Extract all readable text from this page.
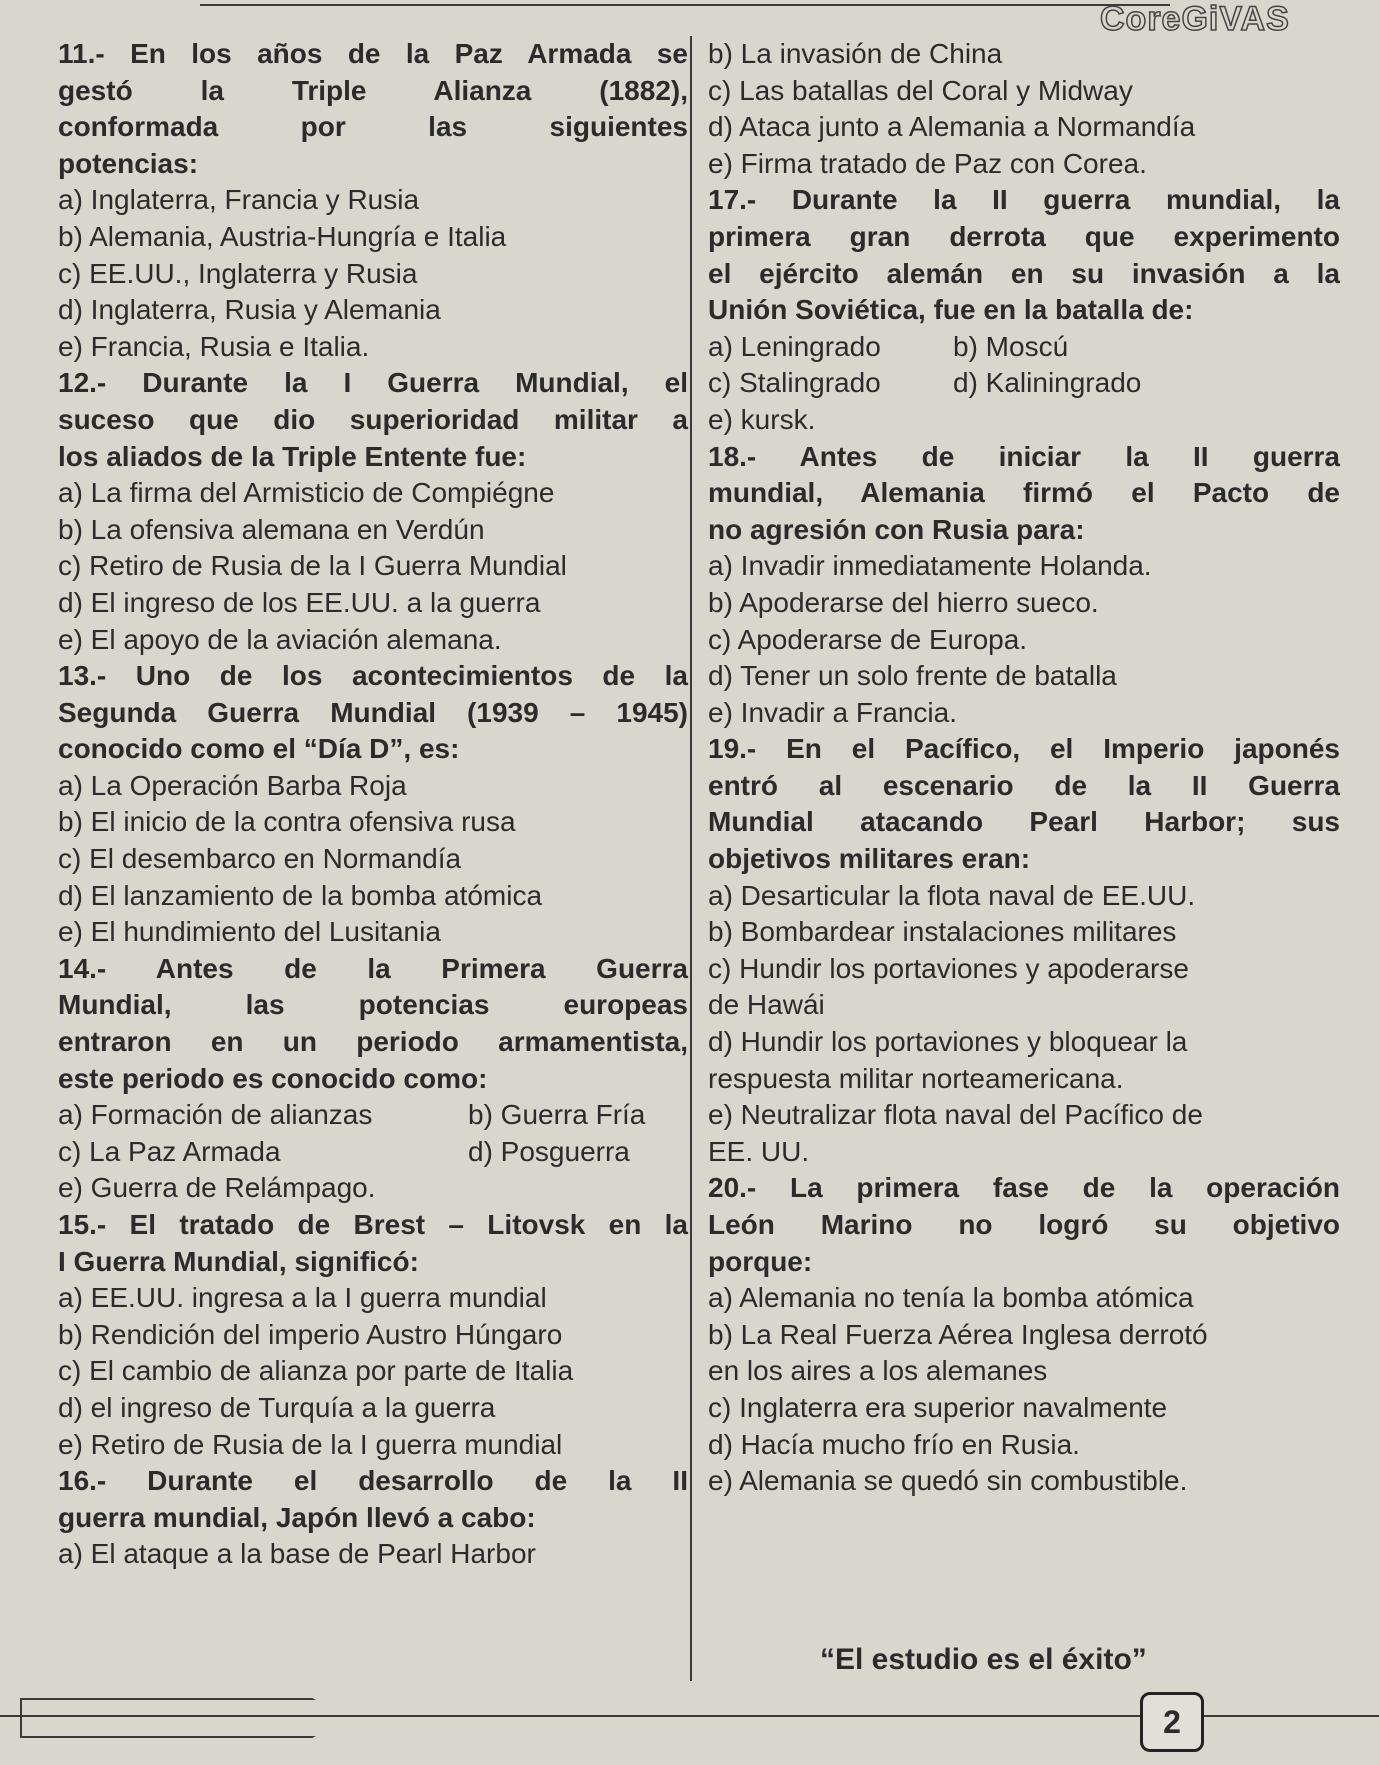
CoreGiVAS
11.- En los años de la Paz Armada se
gestó la Triple Alianza (1882),
conformada por las siguientes
potencias:
a) Inglaterra, Francia y Rusia
b) Alemania, Austria-Hungría e Italia
c) EE.UU., Inglaterra y Rusia
d) Inglaterra, Rusia y Alemania
e) Francia, Rusia e Italia.
12.- Durante la I Guerra Mundial, el
suceso que dio superioridad militar a
los aliados de la Triple Entente fue:
a) La firma del Armisticio de Compiégne
b) La ofensiva alemana en Verdún
c) Retiro de Rusia de la I Guerra Mundial
d) El ingreso de los EE.UU. a la guerra
e) El apoyo de la aviación alemana.
13.- Uno de los acontecimientos de la
Segunda Guerra Mundial (1939 – 1945)
conocido como el “Día D”, es:
a) La Operación Barba Roja
b) El inicio de la contra ofensiva rusa
c) El desembarco en Normandía
d) El lanzamiento de la bomba atómica
e) El hundimiento del Lusitania
14.- Antes de la Primera Guerra
Mundial, las potencias europeas
entraron en un periodo armamentista,
este periodo es conocido como:
a) Formación de alianzas	b) Guerra Fría
c) La Paz Armada	d) Posguerra
e) Guerra de Relámpago.
15.- El tratado de Brest – Litovsk en la
I Guerra Mundial, significó:
a) EE.UU. ingresa a la I guerra mundial
b) Rendición del imperio Austro Húngaro
c) El cambio de alianza por parte de Italia
d) el ingreso de Turquía a la guerra
e) Retiro de Rusia de la I guerra mundial
16.- Durante el desarrollo de la II
guerra mundial, Japón llevó a cabo:
a) El ataque a la base de Pearl Harbor
b) La invasión de China
c) Las batallas del Coral y Midway
d) Ataca junto a Alemania a Normandía
e) Firma tratado de Paz con Corea.
17.- Durante la II guerra mundial, la
primera gran derrota que experimento
el ejército alemán en su invasión a la
Unión Soviética, fue en la batalla de:
a) Leningrado	b) Moscú
c) Stalingrado	d) Kaliningrado
e) kursk.
18.- Antes de iniciar la II guerra
mundial, Alemania firmó el Pacto de
no agresión con Rusia para:
a) Invadir inmediatamente Holanda.
b) Apoderarse del hierro sueco.
c) Apoderarse de Europa.
d) Tener un solo frente de batalla
e) Invadir a Francia.
19.- En el Pacífico, el Imperio japonés
entró al escenario de la II Guerra
Mundial atacando Pearl Harbor; sus
objetivos militares eran:
a) Desarticular la flota naval de EE.UU.
b) Bombardear instalaciones militares
c) Hundir los portaviones y apoderarse
de Hawái
d) Hundir los portaviones y bloquear la
respuesta militar norteamericana.
e) Neutralizar flota naval del Pacífico de
EE. UU.
20.- La primera fase de la operación
León Marino no logró su objetivo
porque:
a) Alemania no tenía la bomba atómica
b) La Real Fuerza Aérea Inglesa derrotó
en los aires a los alemanes
c) Inglaterra era superior navalmente
d) Hacía mucho frío en Rusia.
e) Alemania se quedó sin combustible.
“El estudio es el éxito”
2
